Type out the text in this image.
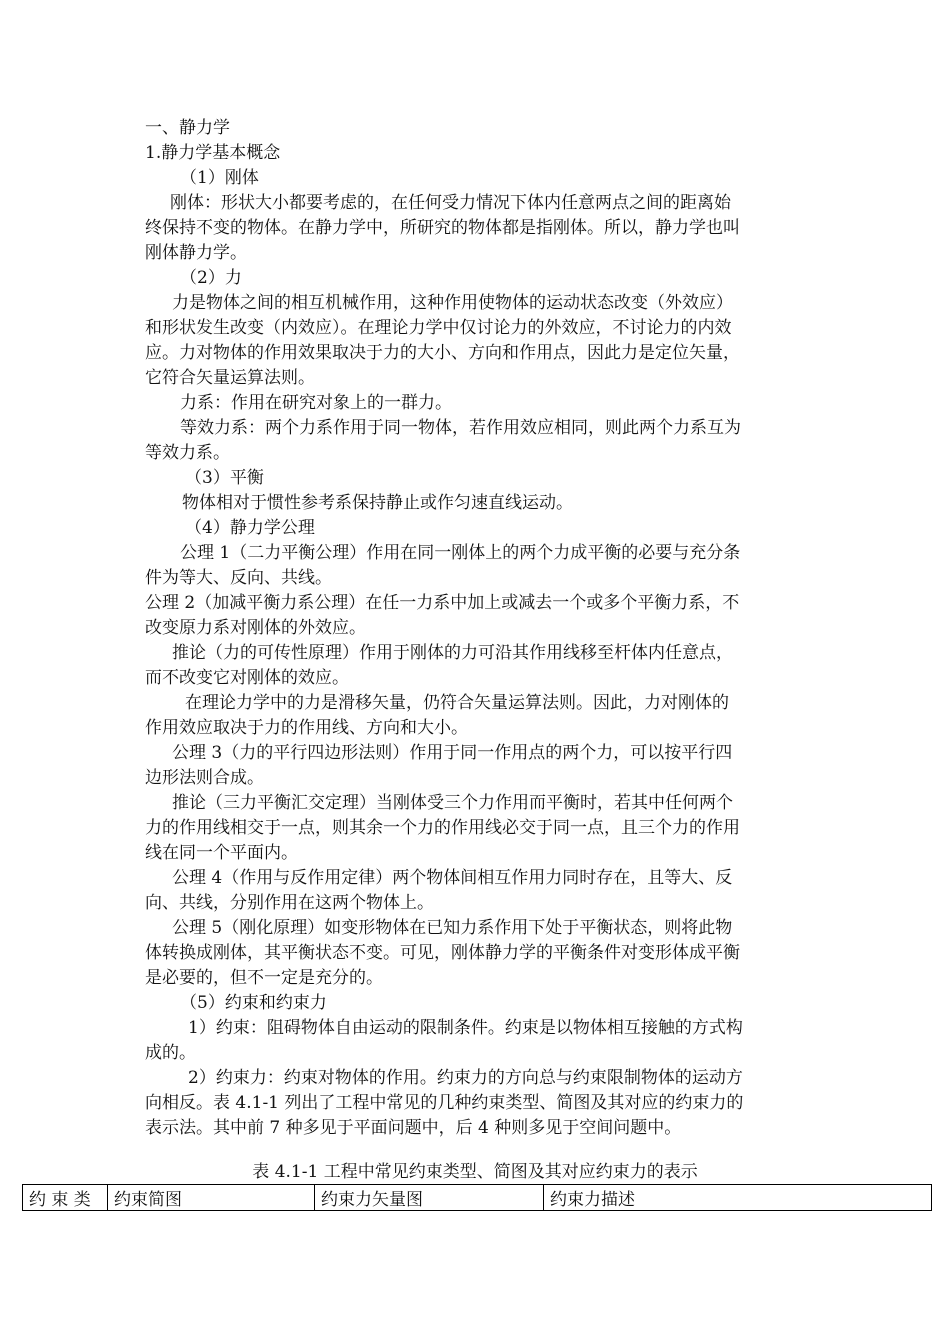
一、静力学
1.静力学基本概念
（1）刚体
刚体：形状大小都要考虑的，在任何受力情况下体内任意两点之间的距离始
终保持不变的物体。在静力学中，所研究的物体都是指刚体。所以，静力学也叫
刚体静力学。
（2）力
力是物体之间的相互机械作用，这种作用使物体的运动状态改变（外效应）
和形状发生改变（内效应）。在理论力学中仅讨论力的外效应，不讨论力的内效
应。力对物体的作用效果取决于力的大小、方向和作用点，因此力是定位矢量，
它符合矢量运算法则。
力系：作用在研究对象上的一群力。
等效力系：两个力系作用于同一物体，若作用效应相同，则此两个力系互为
等效力系。
（3）平衡
物体相对于惯性参考系保持静止或作匀速直线运动。
（4）静力学公理
公理 1（二力平衡公理）作用在同一刚体上的两个力成平衡的必要与充分条
件为等大、反向、共线。
公理 2（加减平衡力系公理）在任一力系中加上或减去一个或多个平衡力系，不
改变原力系对刚体的外效应。
推论（力的可传性原理）作用于刚体的力可沿其作用线移至杆体内任意点，
而不改变它对刚体的效应。
在理论力学中的力是滑移矢量，仍符合矢量运算法则。因此，力对刚体的
作用效应取决于力的作用线、方向和大小。
公理 3（力的平行四边形法则）作用于同一作用点的两个力，可以按平行四
边形法则合成。
推论（三力平衡汇交定理）当刚体受三个力作用而平衡时，若其中任何两个
力的作用线相交于一点，则其余一个力的作用线必交于同一点，且三个力的作用
线在同一个平面内。
公理 4（作用与反作用定律）两个物体间相互作用力同时存在，且等大、反
向、共线，分别作用在这两个物体上。
公理 5（刚化原理）如变形物体在已知力系作用下处于平衡状态，则将此物
体转换成刚体，其平衡状态不变。可见，刚体静力学的平衡条件对变形体成平衡
是必要的，但不一定是充分的。
（5）约束和约束力
1）约束：阻碍物体自由运动的限制条件。约束是以物体相互接触的方式构
成的。
2）约束力：约束对物体的作用。约束力的方向总与约束限制物体的运动方
向相反。表 4.1-1 列出了工程中常见的几种约束类型、简图及其对应的约束力的
表示法。其中前 7 种多见于平面问题中，后 4 种则多见于空间问题中。
表 4.1-1 工程中常见约束类型、简图及其对应约束力的表示
约 束 类	约束简图	约束力矢量图	约束力描述
